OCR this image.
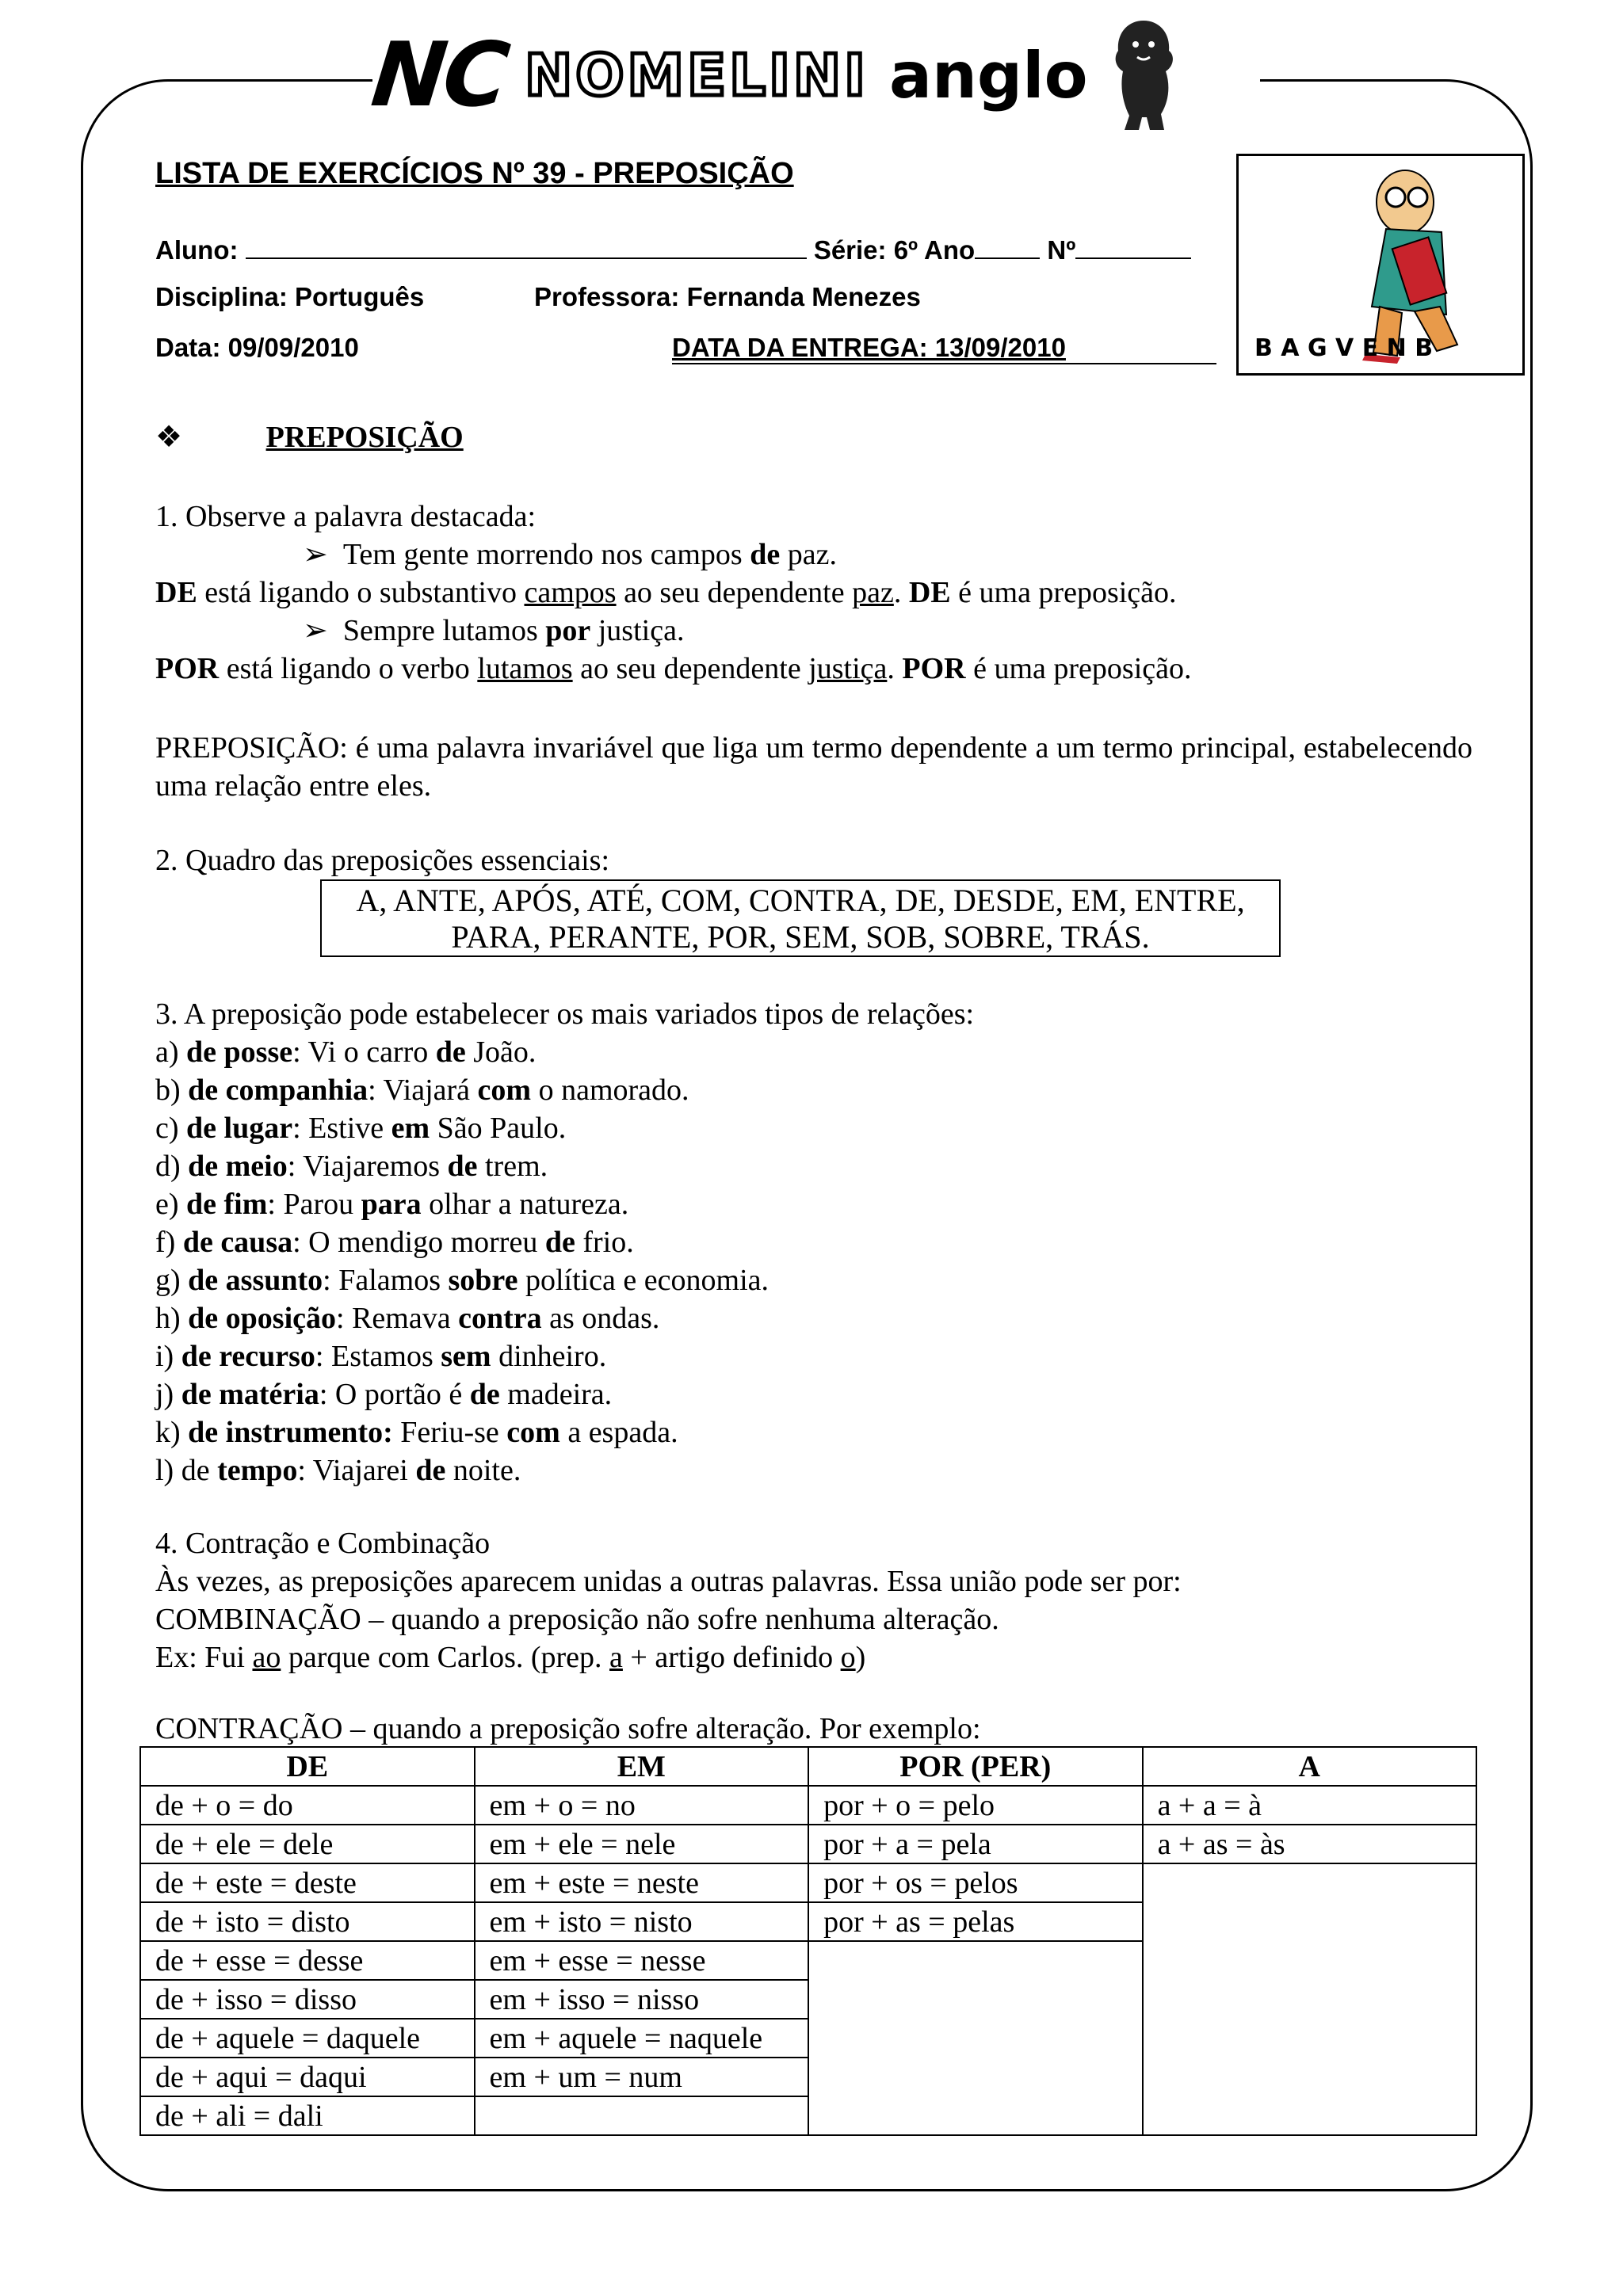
NC NOMELINI anglo
LISTA DE EXERCÍCIOS Nº 39 - PREPOSIÇÃO
Aluno:	Série: 6º Ano	Nº
Disciplina: Português	Professora: Fernanda Menezes
Data: 09/09/2010	DATA DA ENTREGA: 13/09/2010	B A G V E N B
❖	PREPOSIÇÃO
1. Observe a palavra destacada:
➢  Tem gente morrendo nos campos de paz.
DE está ligando o substantivo campos ao seu dependente paz. DE é uma preposição.
➢  Sempre lutamos por justiça.
POR está ligando o verbo lutamos ao seu dependente justiça. POR é uma preposição.
PREPOSIÇÃO: é uma palavra invariável que liga um termo dependente a um termo principal, estabelecendo uma relação entre eles.
2. Quadro das preposições essenciais:
A, ANTE, APÓS, ATÉ, COM, CONTRA, DE, DESDE, EM, ENTRE,
PARA, PERANTE, POR, SEM, SOB, SOBRE, TRÁS.
3. A preposição pode estabelecer os mais variados tipos de relações:
a) de posse: Vi o carro de João.
b) de companhia: Viajará com o namorado.
c) de lugar: Estive em São Paulo.
d) de meio: Viajaremos de trem.
e) de fim: Parou para olhar a natureza.
f) de causa: O mendigo morreu de frio.
g) de assunto: Falamos sobre política e economia.
h) de oposição: Remava contra as ondas.
i) de recurso: Estamos sem dinheiro.
j) de matéria: O portão é de madeira.
k) de instrumento: Feriu-se com a espada.
l) de tempo: Viajarei de noite.
4. Contração e Combinação
Às vezes, as preposições aparecem unidas a outras palavras. Essa união pode ser por:
COMBINAÇÃO – quando a preposição não sofre nenhuma alteração.
Ex: Fui ao parque com Carlos. (prep. a + artigo definido o)
CONTRAÇÃO – quando a preposição sofre alteração. Por exemplo:
DE	EM	POR (PER)	A
de + o = do	em + o = no	por + o = pelo	a + a = à
de + ele = dele	em + ele = nele	por + a = pela	a + as = às
de + este = deste	em + este = neste	por + os = pelos	
de + isto = disto	em + isto = nisto	por + as = pelas	
de + esse = desse	em + esse = nesse		
de + isso = disso	em + isso = nisso		
de + aquele = daquele	em + aquele = naquele		
de + aqui = daqui	em + um = num		
de + ali = dali			
